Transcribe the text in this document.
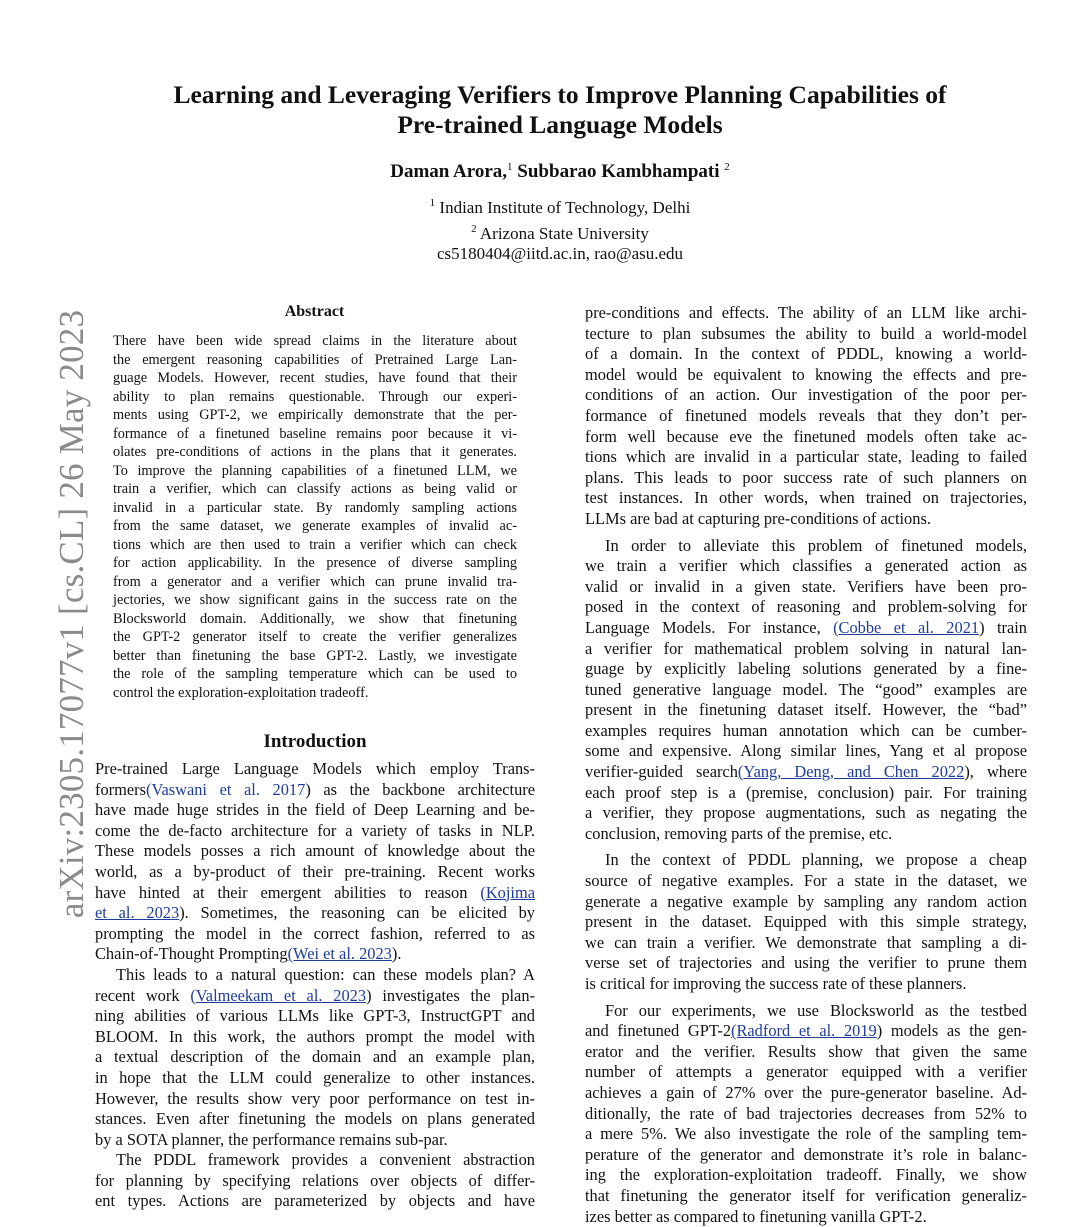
arXiv:2305.17077v1 [cs.CL] 26 May 2023
Learning and Leveraging Verifiers to Improve Planning Capabilities of
Pre-trained Language Models
Daman Arora,$^1$ Subbarao Kambhampati $^2$
$^1$ Indian Institute of Technology, Delhi
$^2$ Arizona State University
cs5180404@iitd.ac.in, rao@asu.edu
Abstract
There have been wide spread claims in the literature about
the emergent reasoning capabilities of Pretrained Large Lan-
guage Models. However, recent studies, have found that their
ability to plan remains questionable. Through our experi-
ments using GPT-2, we empirically demonstrate that the per-
formance of a finetuned baseline remains poor because it vi-
olates pre-conditions of actions in the plans that it generates.
To improve the planning capabilities of a finetuned LLM, we
train a verifier, which can classify actions as being valid or
invalid in a particular state. By randomly sampling actions
from the same dataset, we generate examples of invalid ac-
tions which are then used to train a verifier which can check
for action applicability. In the presence of diverse sampling
from a generator and a verifier which can prune invalid tra-
jectories, we show significant gains in the success rate on the
Blocksworld domain. Additionally, we show that finetuning
the GPT-2 generator itself to create the verifier generalizes
better than finetuning the base GPT-2. Lastly, we investigate
the role of the sampling temperature which can be used to
control the exploration-exploitation tradeoff.
Introduction
Pre-trained Large Language Models which employ Trans-
formers(Vaswani et al. 2017) as the backbone architecture
have made huge strides in the field of Deep Learning and be-
come the de-facto architecture for a variety of tasks in NLP.
These models posses a rich amount of knowledge about the
world, as a by-product of their pre-training. Recent works
have hinted at their emergent abilities to reason (Kojima
et al. 2023). Sometimes, the reasoning can be elicited by
prompting the model in the correct fashion, referred to as
Chain-of-Thought Prompting(Wei et al. 2023).
This leads to a natural question: can these models plan? A
recent work (Valmeekam et al. 2023) investigates the plan-
ning abilities of various LLMs like GPT-3, InstructGPT and
BLOOM. In this work, the authors prompt the model with
a textual description of the domain and an example plan,
in hope that the LLM could generalize to other instances.
However, the results show very poor performance on test in-
stances. Even after finetuning the models on plans generated
by a SOTA planner, the performance remains sub-par.
The PDDL framework provides a convenient abstraction
for planning by specifying relations over objects of differ-
ent types. Actions are parameterized by objects and have
pre-conditions and effects. The ability of an LLM like archi-
tecture to plan subsumes the ability to build a world-model
of a domain. In the context of PDDL, knowing a world-
model would be equivalent to knowing the effects and pre-
conditions of an action. Our investigation of the poor per-
formance of finetuned models reveals that they don’t per-
form well because eve the finetuned models often take ac-
tions which are invalid in a particular state, leading to failed
plans. This leads to poor success rate of such planners on
test instances. In other words, when trained on trajectories,
LLMs are bad at capturing pre-conditions of actions.
In order to alleviate this problem of finetuned models,
we train a verifier which classifies a generated action as
valid or invalid in a given state. Verifiers have been pro-
posed in the context of reasoning and problem-solving for
Language Models. For instance, (Cobbe et al. 2021) train
a verifier for mathematical problem solving in natural lan-
guage by explicitly labeling solutions generated by a fine-
tuned generative language model. The “good” examples are
present in the finetuning dataset itself. However, the “bad”
examples requires human annotation which can be cumber-
some and expensive. Along similar lines, Yang et al propose
verifier-guided search(Yang, Deng, and Chen 2022), where
each proof step is a (premise, conclusion) pair. For training
a verifier, they propose augmentations, such as negating the
conclusion, removing parts of the premise, etc.
In the context of PDDL planning, we propose a cheap
source of negative examples. For a state in the dataset, we
generate a negative example by sampling any random action
present in the dataset. Equipped with this simple strategy,
we can train a verifier. We demonstrate that sampling a di-
verse set of trajectories and using the verifier to prune them
is critical for improving the success rate of these planners.
For our experiments, we use Blocksworld as the testbed
and finetuned GPT-2(Radford et al. 2019) models as the gen-
erator and the verifier. Results show that given the same
number of attempts a generator equipped with a verifier
achieves a gain of 27% over the pure-generator baseline. Ad-
ditionally, the rate of bad trajectories decreases from 52% to
a mere 5%. We also investigate the role of the sampling tem-
perature of the generator and demonstrate it’s role in balanc-
ing the exploration-exploitation tradeoff. Finally, we show
that finetuning the generator itself for verification generaliz-
izes better as compared to finetuning vanilla GPT-2.
